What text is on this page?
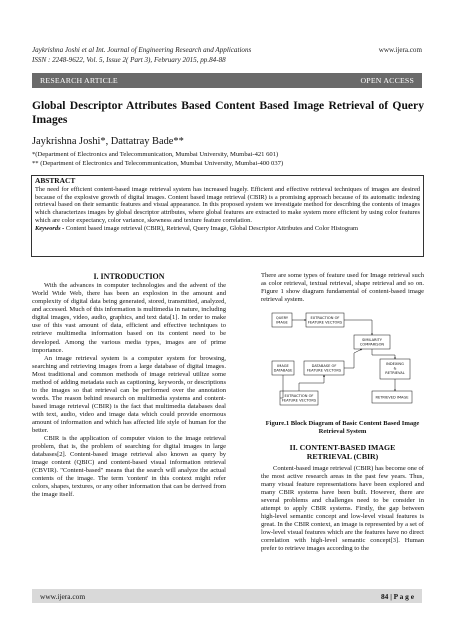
Jaykrishna Joshi et al Int. Journal of Engineering Research and Applications	www.ijera.com
ISSN : 2248-9622, Vol. 5, Issue 2( Part 3), February 2015, pp.84-88
RESEARCH ARTICLE	OPEN ACCESS
Global Descriptor Attributes Based Content Based Image Retrieval of Query Images
Jaykrishna Joshi*, Dattatray Bade**
*(Department of Electronics and Telecommunication, Mumbai University, Mumbai-421 601)
** (Department of Electronics and Telecommunication, Mumbai University, Mumbai-400 037)
ABSTRACT
The need for efficient content-based image retrieval system has increased hugely. Efficient and effective retrieval techniques of images are desired because of the explosive growth of digital images. Content based image retrieval (CBIR) is a promising approach because of its automatic indexing retrieval based on their semantic features and visual appearance. In this proposed system we investigate method for describing the contents of images which characterizes images by global descriptor attributes, where global features are extracted to make system more efficient by using color features which are color expectancy, color variance, skewness and texture feature correlation.
Keywords - Content based image retrieval (CBIR), Retrieval, Query Image, Global Descriptor Attributes and Color Histogram
I. INTRODUCTION

With the advances in computer technologies and the advent of the World Wide Web, there has been an explosion in the amount and complexity of digital data being generated, stored, transmitted, analyzed, and accessed. Much of this information is multimedia in nature, including digital images, video, audio, graphics, and text data[1]. In order to make use of this vast amount of data, efficient and effective techniques to retrieve multimedia information based on its content need to be developed. Among the various media types, images are of prime importance.

An image retrieval system is a computer system for browsing, searching and retrieving images from a large database of digital images. Most traditional and common methods of image retrieval utilize some method of adding metadata such as captioning, keywords, or descriptions to the images so that retrieval can be performed over the annotation words. The reason behind research on multimedia systems and content-based image retrieval (CBIR) is the fact that multimedia databases deal with text, audio, video and image data which could provide enormous amount of information and which has affected life style of human for the better.

CBIR is the application of computer vision to the image retrieval problem, that is, the problem of searching for digital images in large databases[2]. Content-based image retrieval also known as query by image content (QBIC) and content-based visual information retrieval (CBVIR). "Content-based" means that the search will analyze the actual contents of the image. The term 'content' in this context might refer colors, shapes, textures, or any other information that can be derived from the image itself.

There are some types of feature used for Image retrieval such as color retrieval, textual retrieval, shape retrieval and so on. Figure 1 show diagram fundamental of content-based image retrieval system.

QUERY
IMAGE
EXTRACTION OF
FEATURE VECTORS
SIMILARITY
COMPARISON
IMAGE
DATABASE
DATABASE OF
FEATURE VECTORS
INDEXING
&
RETRIEVAL
EXTRACTION OF
FEATURE VECTORS
RETRIEVED IMAGE
Figure.1 Block Diagram of Basic Content Based Image Retrieval System
II. CONTENT-BASED IMAGE
RETRIEVAL (CBIR)

Content-based image retrieval (CBIR) has become one of the most active research areas in the past few years. Thus, many visual feature representations have been explored and many CBIR systems have been built. However, there are several problems and challenges need to be consider in attempt to apply CBIR systems. Firstly, the gap between high-level semantic concept and low-level visual features is great. In the CBIR context, an image is represented by a set of low-level visual features which are the features have no direct correlation with high-level semantic concept[3]. Human prefer to retrieve images according to the

www.ijera.com	84 | P a g e
